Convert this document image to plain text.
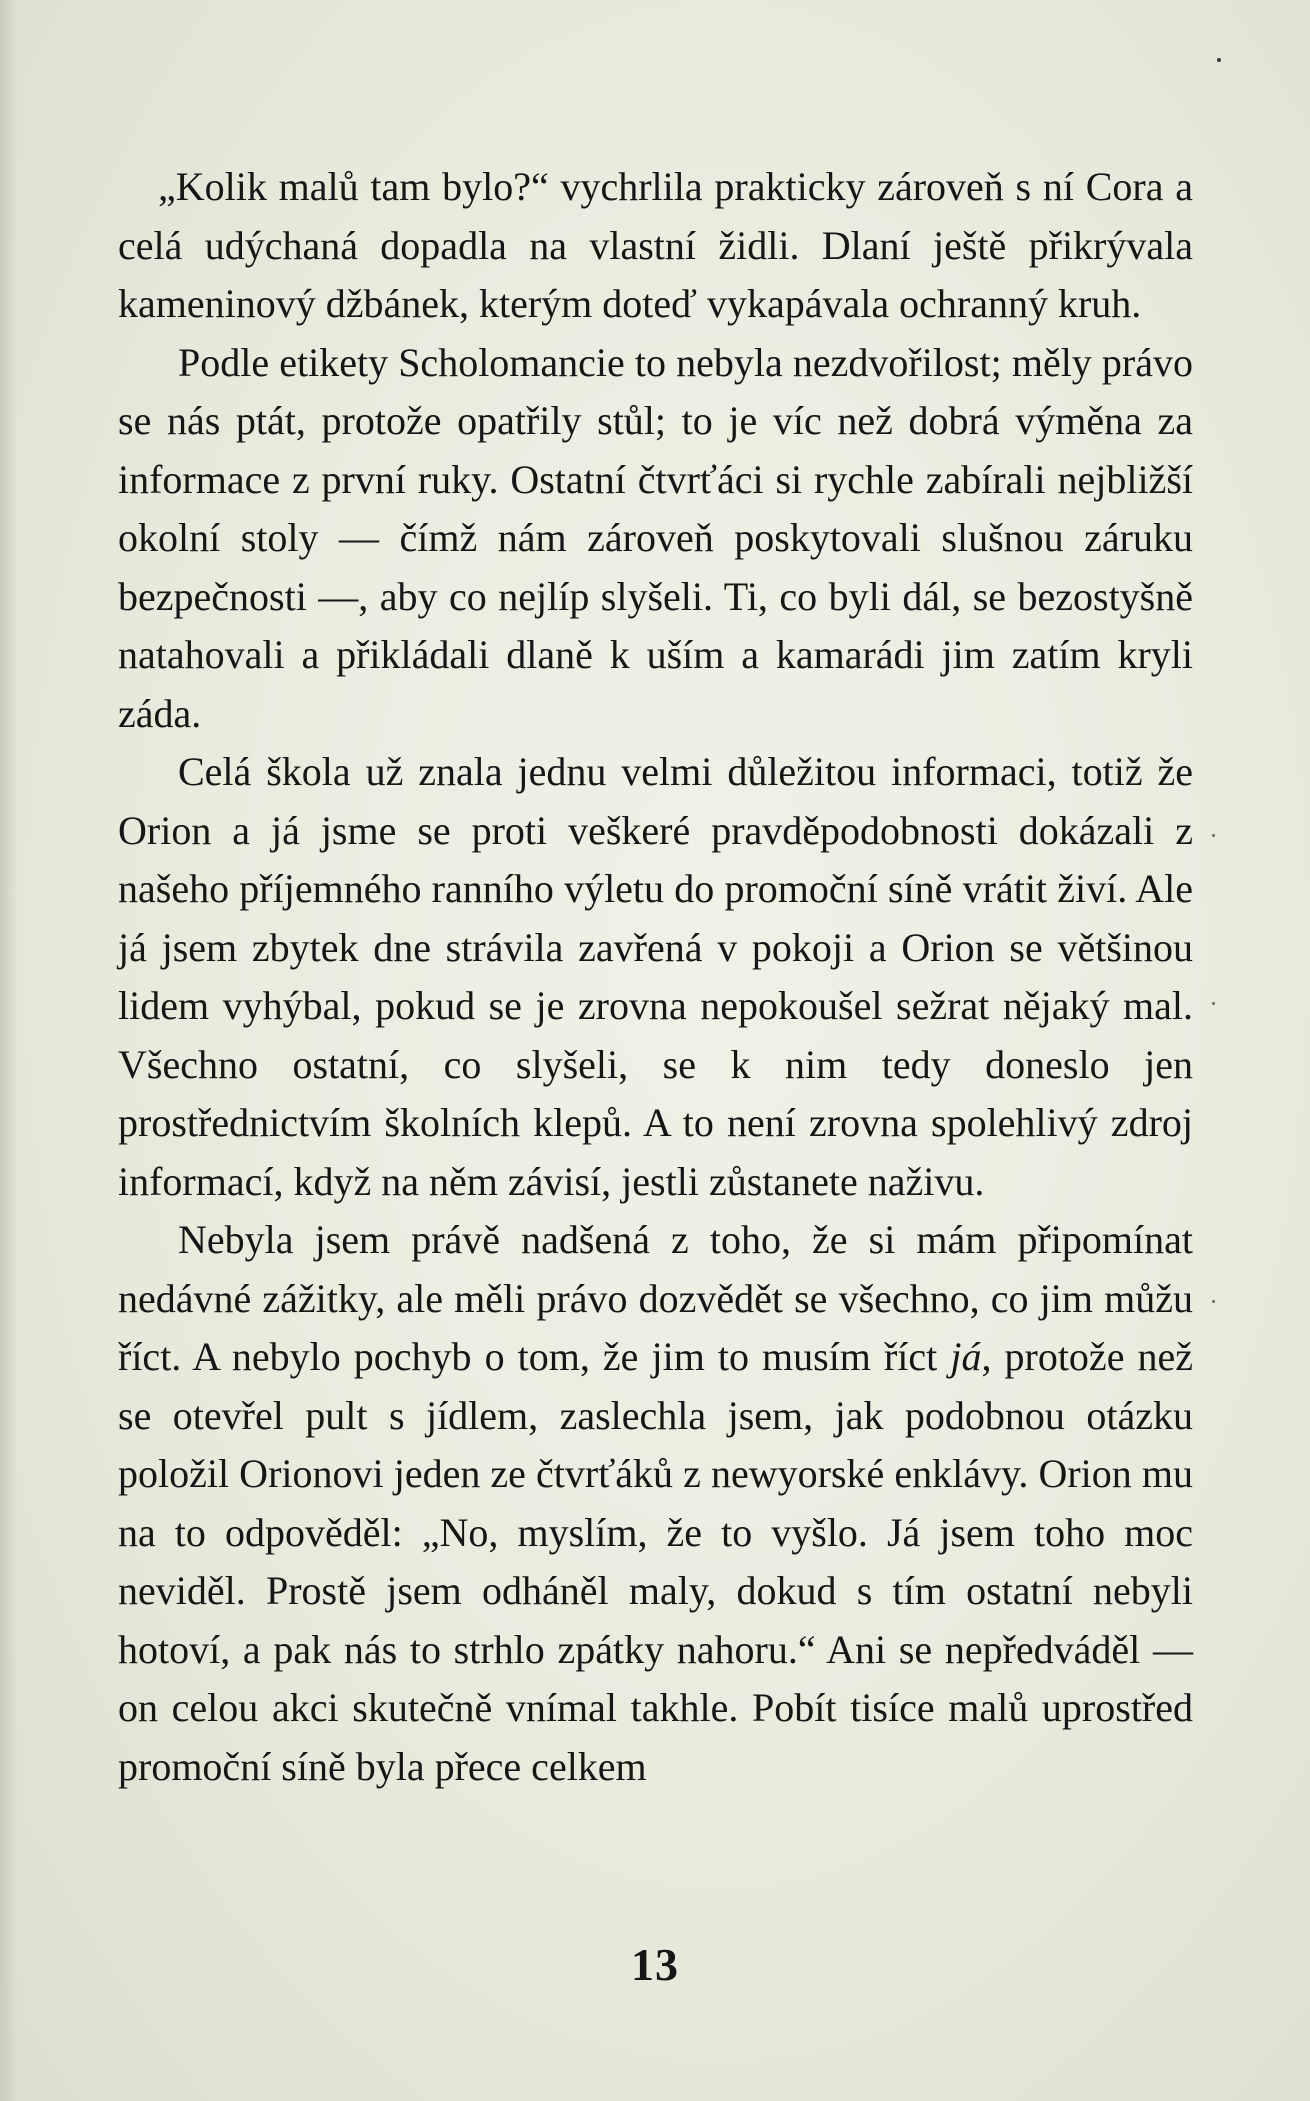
„Kolik malů tam bylo?“ vychrlila prakticky zároveň s ní Cora a celá udýchaná dopadla na vlastní židli. Dlaní ještě přikrývala kameninový džbánek, kterým doteď vykapávala ochranný kruh.

Podle etikety Scholomancie to nebyla nezdvořilost; měly právo se nás ptát, protože opatřily stůl; to je víc než dobrá výměna za informace z první ruky. Ostatní čtvrťáci si rychle zabírali nejbližší okolní stoly — čímž nám zároveň poskytovali slušnou záruku bezpečnosti —, aby co nejlíp slyšeli. Ti, co byli dál, se bezostyšně natahovali a přikládali dlaně k uším a kamarádi jim zatím kryli záda.

Celá škola už znala jednu velmi důležitou informaci, totiž že Orion a já jsme se proti veškeré pravděpodobnosti dokázali z našeho příjemného ranního výletu do promoční síně vrátit živí. Ale já jsem zbytek dne strávila zavřená v pokoji a Orion se většinou lidem vyhýbal, pokud se je zrovna nepokoušel sežrat nějaký mal. Všechno ostatní, co slyšeli, se k nim tedy doneslo jen prostřednictvím školních klepů. A to není zrovna spolehlivý zdroj informací, když na něm závisí, jestli zůstanete naživu.

Nebyla jsem právě nadšená z toho, že si mám připomínat nedávné zážitky, ale měli právo dozvědět se všechno, co jim můžu říct. A nebylo pochyb o tom, že jim to musím říct já, protože než se otevřel pult s jídlem, zaslechla jsem, jak podobnou otázku položil Orionovi jeden ze čtvrťáků z newyorské enklávy. Orion mu na to odpověděl: „No, myslím, že to vyšlo. Já jsem toho moc neviděl. Prostě jsem odháněl maly, dokud s tím ostatní nebyli hotoví, a pak nás to strhlo zpátky nahoru.“ Ani se nepředváděl — on celou akci skutečně vnímal takhle. Pobít tisíce malů uprostřed promoční síně byla přece celkem

13
